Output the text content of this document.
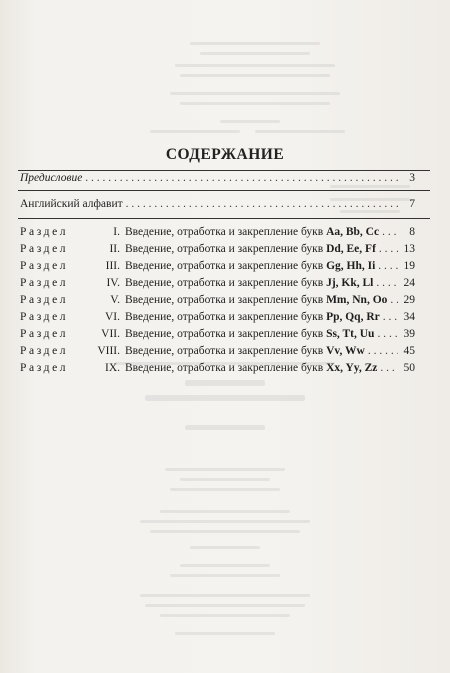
СОДЕРЖАНИЕ
Предисловие . . .	3
Английский алфавит . . .	7
Раздел	I. Введение, отработка и закрепление букв Aa, Bb, Cc . . .	8
Раздел	II. Введение, отработка и закрепление букв Dd, Ee, Ff . . . 13
Раздел	III. Введение, отработка и закрепление букв Gg, Hh, Ii . . . 19
Раздел	IV. Введение, отработка и закрепление букв Jj, Kk, Ll . . .	24
Раздел	V. Введение, отработка и закрепление букв Mm, Nn, Oo . . . 29
Раздел	VI. Введение, отработка и закрепление букв Pp, Qq, Rr . . . 34
Раздел	VII. Введение, отработка и закрепление букв Ss, Tt, Uu . . .	39
Раздел	VIII. Введение, отработка и закрепление букв Vv, Ww . . .	45
Раздел	IX. Введение, отработка и закрепление букв Xx, Yy, Zz . . . 50
